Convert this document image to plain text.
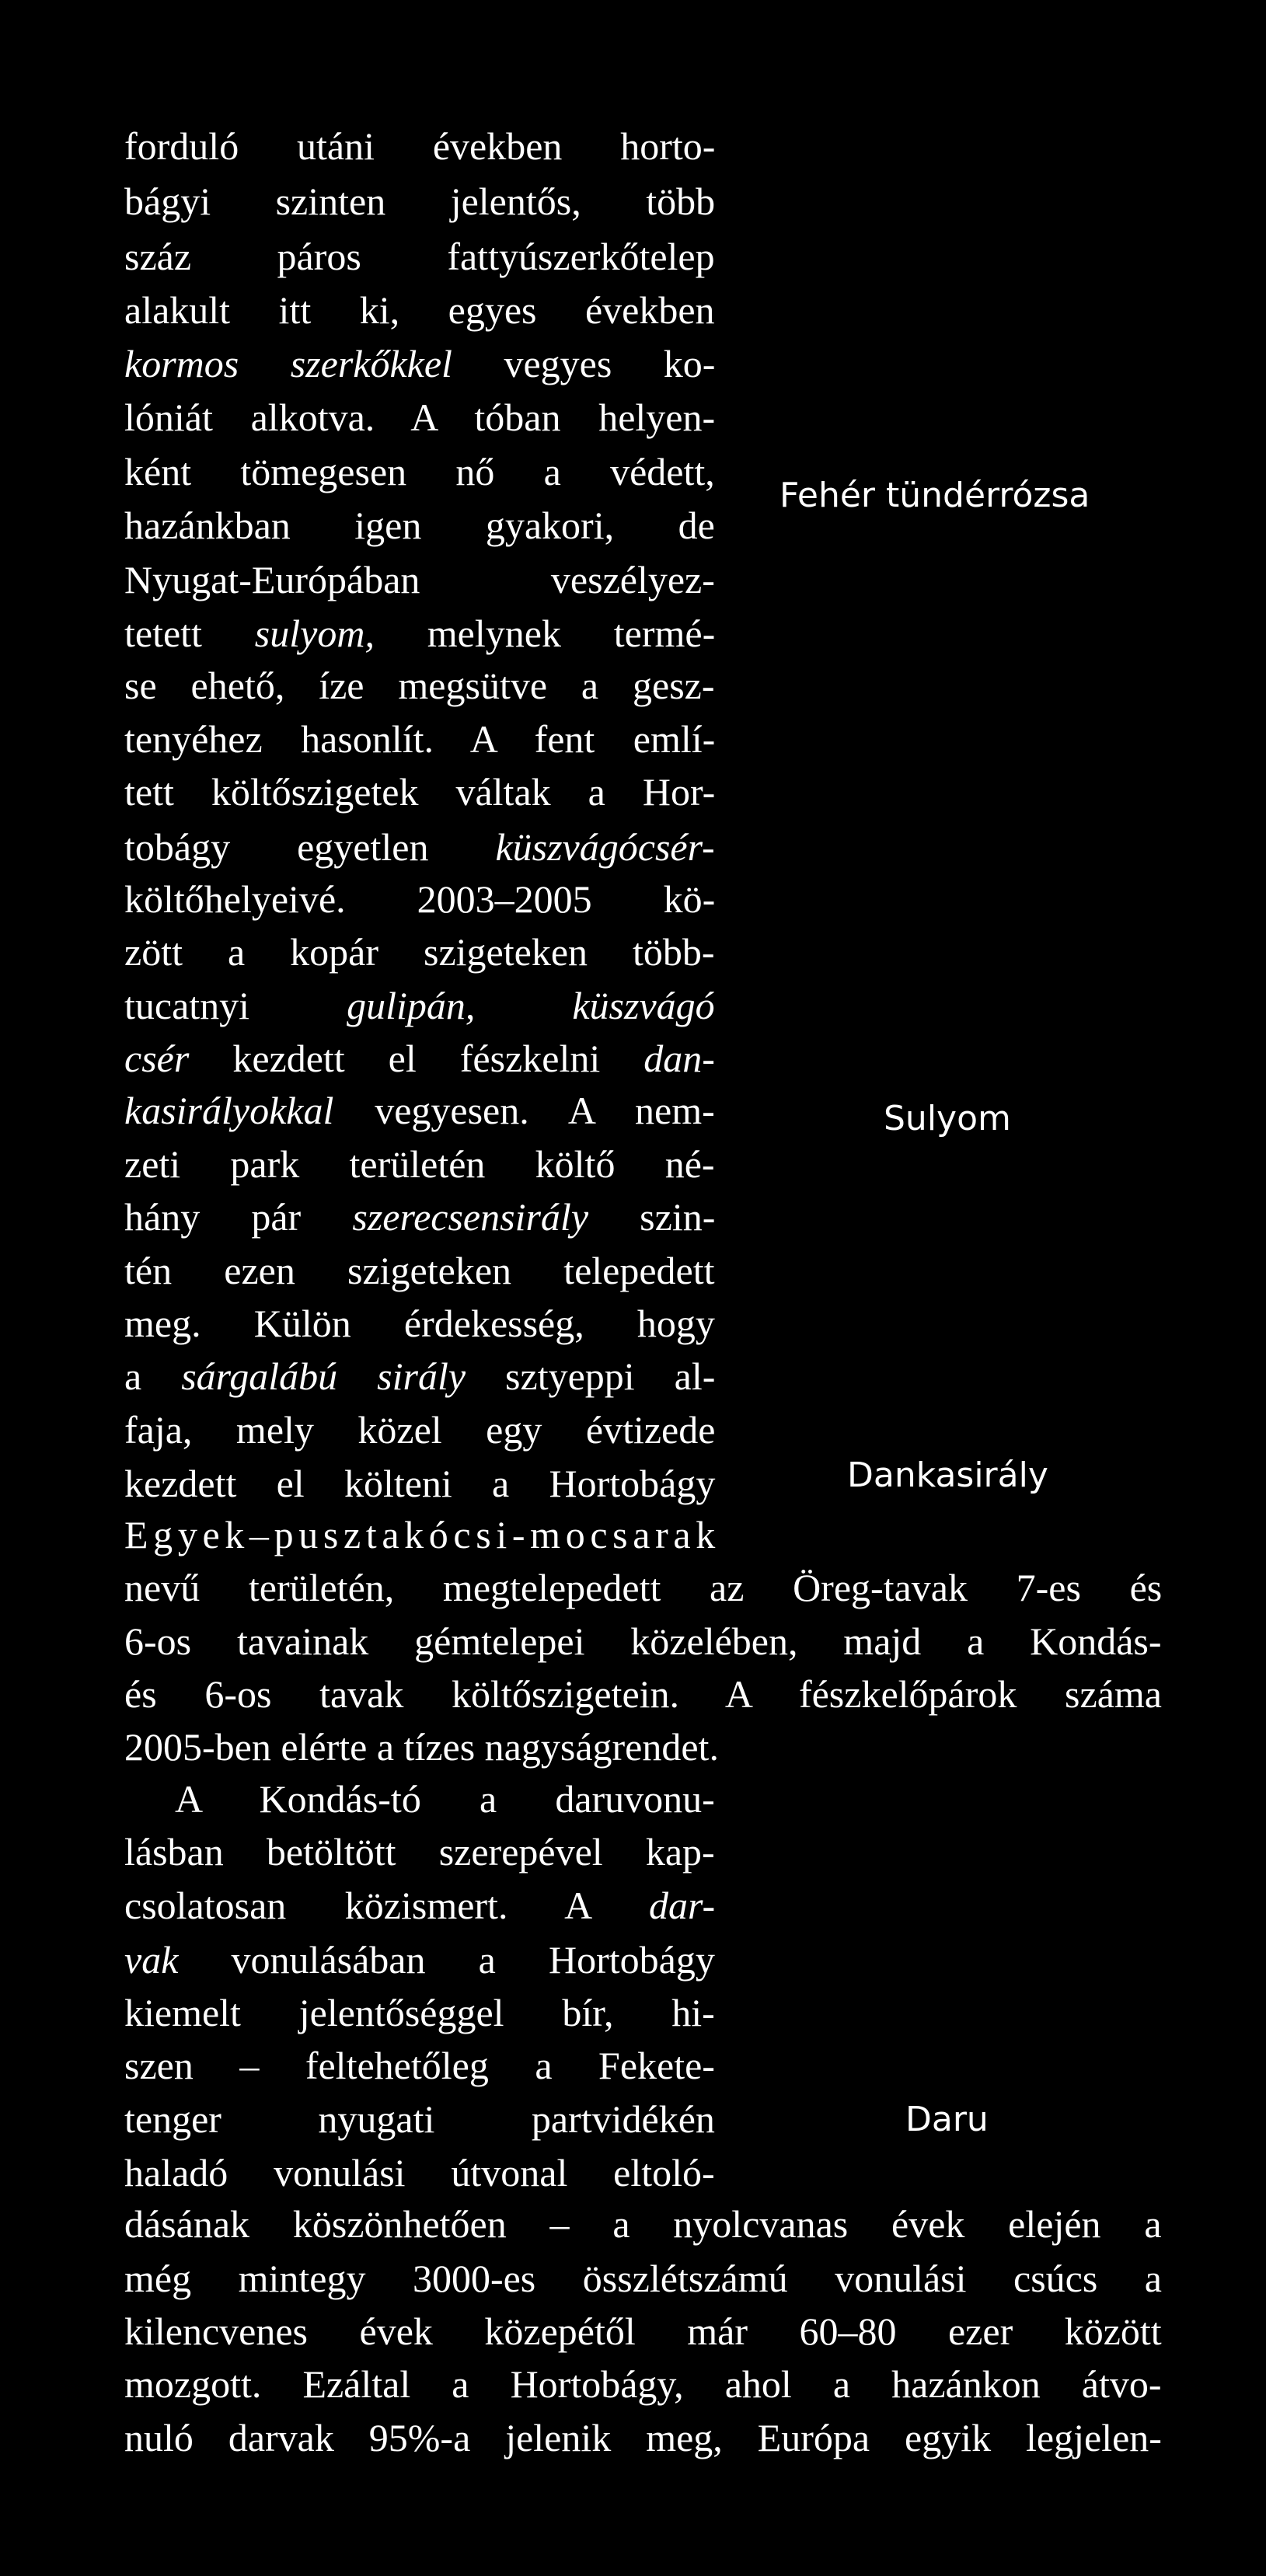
forduló utáni években horto-
bágyi szinten jelentős, több
száz páros fattyúszerkőtelep
alakult itt ki, egyes években
kormos szerkőkkel vegyes ko-
lóniát alkotva. A tóban helyen-
ként tömegesen nő a védett,
hazánkban igen gyakori, de
Nyugat-Európában veszélyez-
tetett sulyom, melynek termé-
se ehető, íze megsütve a gesz-
tenyéhez hasonlít. A fent emlí-
tett költőszigetek váltak a Hor-
tobágy egyetlen küszvágócsér-
költőhelyeivé. 2003–2005 kö-
zött a kopár szigeteken több-
tucatnyi gulipán, küszvágó
csér kezdett el fészkelni dan-
kasirályokkal vegyesen. A nem-
zeti park területén költő né-
hány pár szerecsensirály szin-
tén ezen szigeteken telepedett
meg. Külön érdekesség, hogy
a sárgalábú sirály sztyeppi al-
faja, mely közel egy évtizede
kezdett el költeni a Hortobágy
Egyek–pusztakócsi-mocsarak
nevű területén, megtelepedett az Öreg-tavak 7-es és
6-os tavainak gémtelepei közelében, majd a Kondás-
és 6-os tavak költőszigetein. A fészkelőpárok száma
2005-ben elérte a tízes nagyságrendet.
A Kondás-tó a daruvonu-
lásban betöltött szerepével kap-
csolatosan közismert. A dar-
vak vonulásában a Hortobágy
kiemelt jelentőséggel bír, hi-
szen – feltehetőleg a Fekete-
tenger nyugati partvidékén
haladó vonulási útvonal eltoló-
dásának köszönhetően – a nyolcvanas évek elején a
még mintegy 3000-es összlétszámú vonulási csúcs a
kilencvenes évek közepétől már 60–80 ezer között
mozgott. Ezáltal a Hortobágy, ahol a hazánkon átvo-
nuló darvak 95%-a jelenik meg, Európa egyik legjelen-
Fehér tündérrózsa
Sulyom
Dankasirály
Daru
